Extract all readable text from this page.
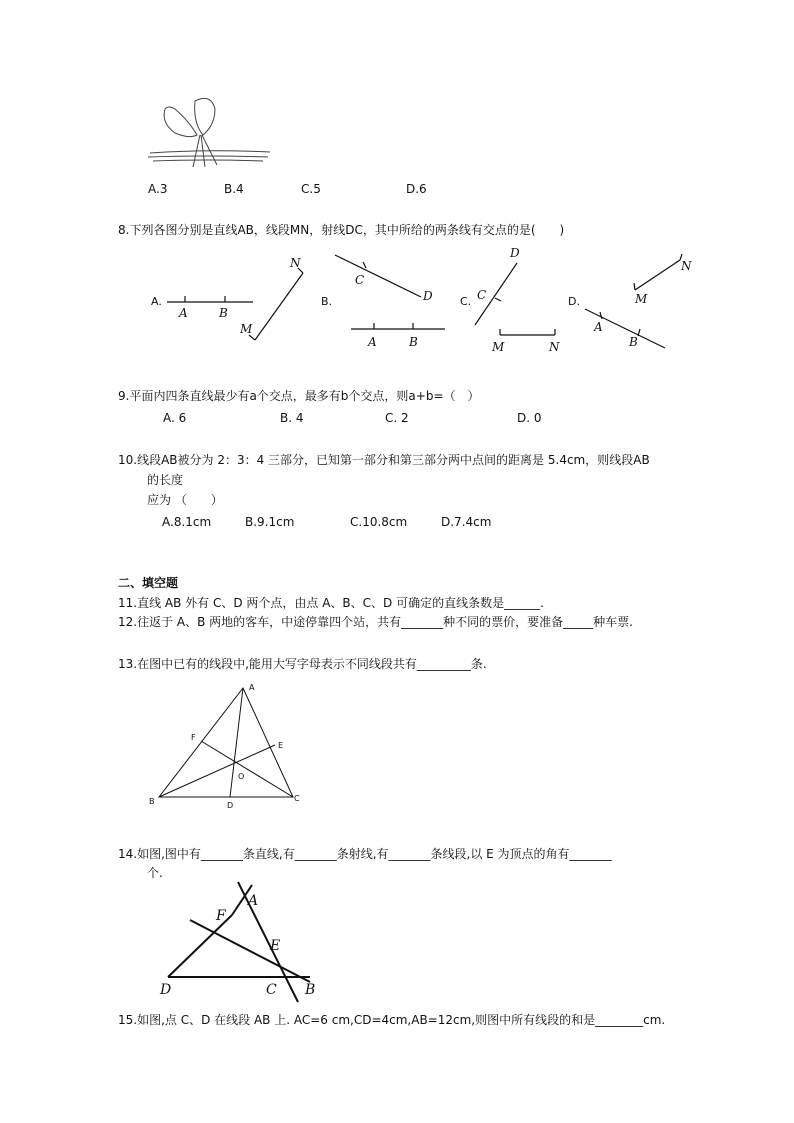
A.3	B.4	C.5	D.6
8.下列各图分别是直线AB，线段MN，射线DC，其中所给的两条线有交点的是(　　)
A.
A	B
N
M
B.
C
D
A	B
C. C
D
M	N
D.
N
M
A
B
9.平面内四条直线最少有a个交点，最多有b个交点，则a+b=（　）
A. 6	B. 4	C. 2	D. 0
10.线段AB被分为 2：3：4 三部分，已知第一部分和第三部分两中点间的距离是 5.4cm，则线段AB
的长度
应为 （　　）
A.8.1cm	B.9.1cm	C.10.8cm	D.7.4cm
二、填空题
11.直线 AB 外有 C、D 两个点，由点 A、B、C、D 可确定的直线条数是______.
12.往返于 A、B 两地的客车，中途停靠四个站，共有_______种不同的票价，要准备_____种车票.
13.在图中已有的线段中,能用大写字母表示不同线段共有_________条.
A
B	C
D
E
F
O
14.如图,图中有_______条直线,有_______条射线,有_______条线段,以 E 为顶点的角有_______
个.
A
F
E
D	C B
15.如图,点 C、D 在线段 AB 上. AC=6 cm,CD=4cm,AB=12cm,则图中所有线段的和是________cm.
